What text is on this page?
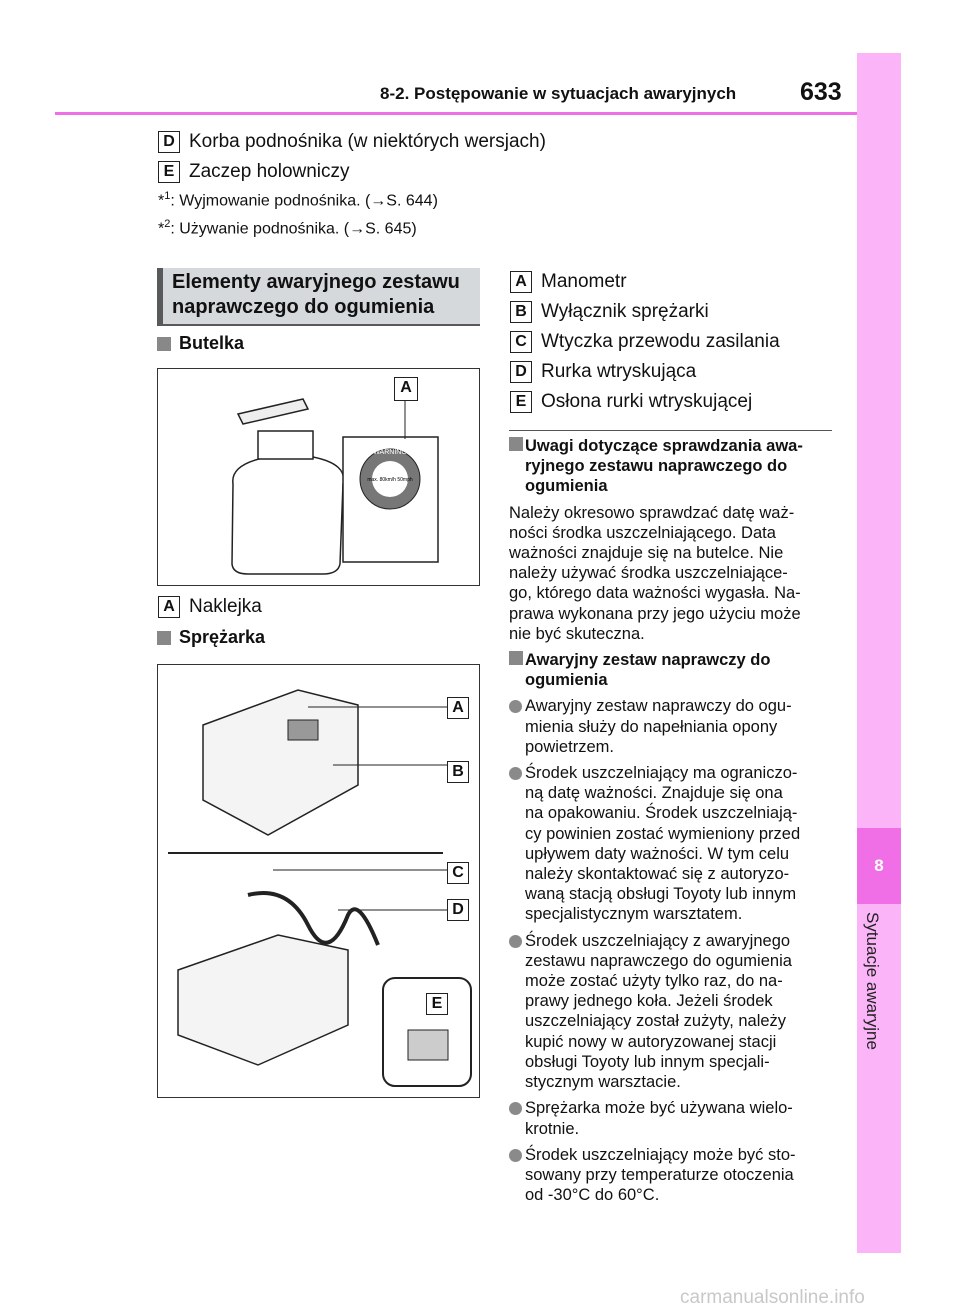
8
Sytuacje awaryjne
8-2. Postępowanie w sytuacjach awaryjnych	633
D Korba podnośnika (w niektórych wersjach)
E Zaczep holowniczy
*$^1$: Wyjmowanie podnośnika. (→S. 644)
*$^2$: Używanie podnośnika. (→S. 645)
Elementy awaryjnego zestawu
naprawczego do ogumienia
Butelka
WARNING
max. 80km/h 50mph
A
A Naklejka
Sprężarka
A
B
C
D
E
A Manometr
B Wyłącznik sprężarki
C Wtyczka przewodu zasilania
D Rurka wtryskująca
E Osłona rurki wtryskującej
Uwagi dotyczące sprawdzania awa-
ryjnego zestawu naprawczego do
ogumienia
Należy okresowo sprawdzać datę waż-
ności środka uszczelniającego. Data
ważności znajduje się na butelce. Nie
należy używać środka uszczelniające-
go, którego data ważności wygasła. Na-
prawa wykonana przy jego użyciu może
nie być skuteczna.
Awaryjny zestaw naprawczy do
ogumienia
Awaryjny zestaw naprawczy do ogu-
mienia służy do napełniania opony
powietrzem.
Środek uszczelniający ma ograniczo-
ną datę ważności. Znajduje się ona
na opakowaniu. Środek uszczelniają-
cy powinien zostać wymieniony przed
upływem daty ważności. W tym celu
należy skontaktować się z autoryzo-
waną stacją obsługi Toyoty lub innym
specjalistycznym warsztatem.
Środek uszczelniający z awaryjnego
zestawu naprawczego do ogumienia
może zostać użyty tylko raz, do na-
prawy jednego koła. Jeżeli środek
uszczelniający został zużyty, należy
kupić nowy w autoryzowanej stacji
obsługi Toyoty lub innym specjali-
stycznym warsztacie.
Sprężarka może być używana wielo-
krotnie.
Środek uszczelniający może być sto-
sowany przy temperaturze otoczenia
od -30°C do 60°C.
carmanualsonline.info
